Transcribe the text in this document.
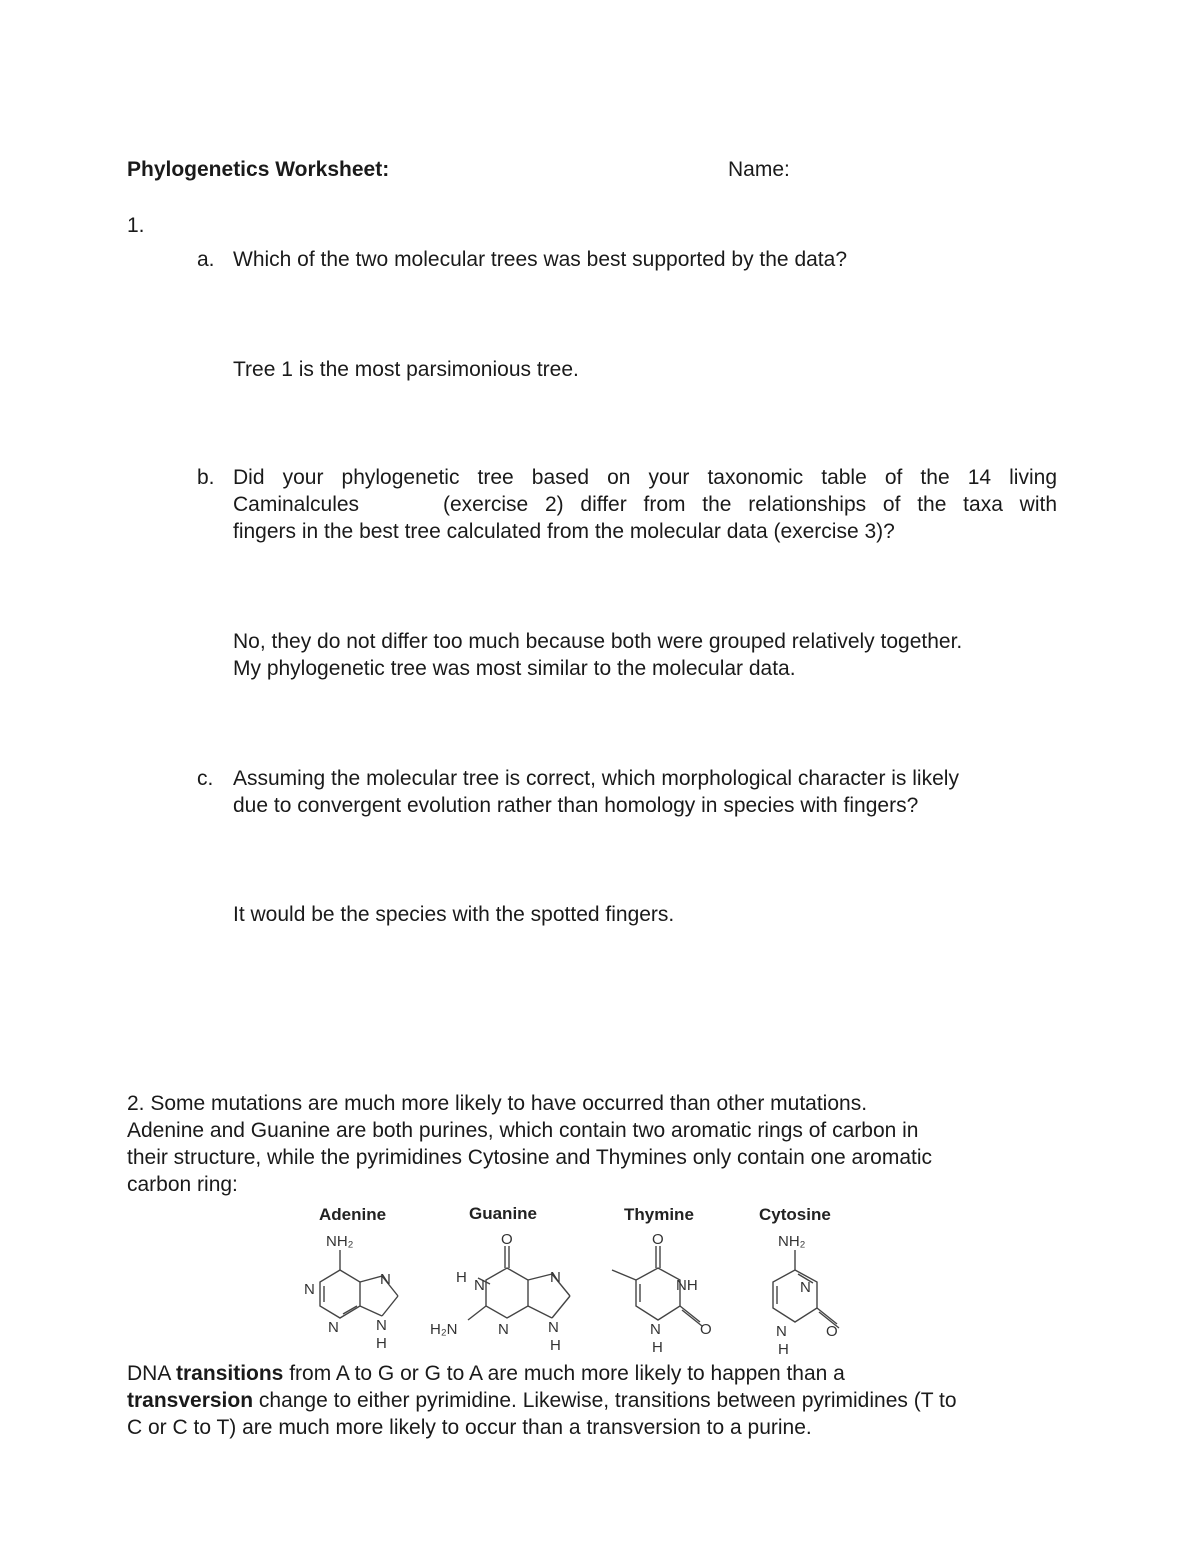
Phylogenetics Worksheet:	Name:
1.
a. Which of the two molecular trees was best supported by the data?
Tree 1 is the most parsimonious tree.
b. Did your phylogenetic tree based on your taxonomic table of the 14 living
Caminalcules	(exercise 2) differ from the relationships of the taxa with
fingers in the best tree calculated from the molecular data (exercise 3)?
No, they do not differ too much because both were grouped relatively together.
My phylogenetic tree was most similar to the molecular data.
c. Assuming the molecular tree is correct, which morphological character is likely
due to convergent evolution rather than homology in species with fingers?
It would be the species with the spotted fingers.
2. Some mutations are much more likely to have occurred than other mutations.
Adenine and Guanine are both purines, which contain two aromatic rings of carbon in
their structure, while the pyrimidines Cytosine and Thymines only contain one aromatic
carbon ring:
Adenine	Guanine	Thymine	Cytosine
NH₂
N
N
N N
H
O
H N	N
H₂N	N	N
H
O
NH
N
H
O
NH₂
N
N
H
O
DNA transitions from A to G or G to A are much more likely to happen than a
transversion change to either pyrimidine. Likewise, transitions between pyrimidines (T to
C or C to T) are much more likely to occur than a transversion to a purine.
